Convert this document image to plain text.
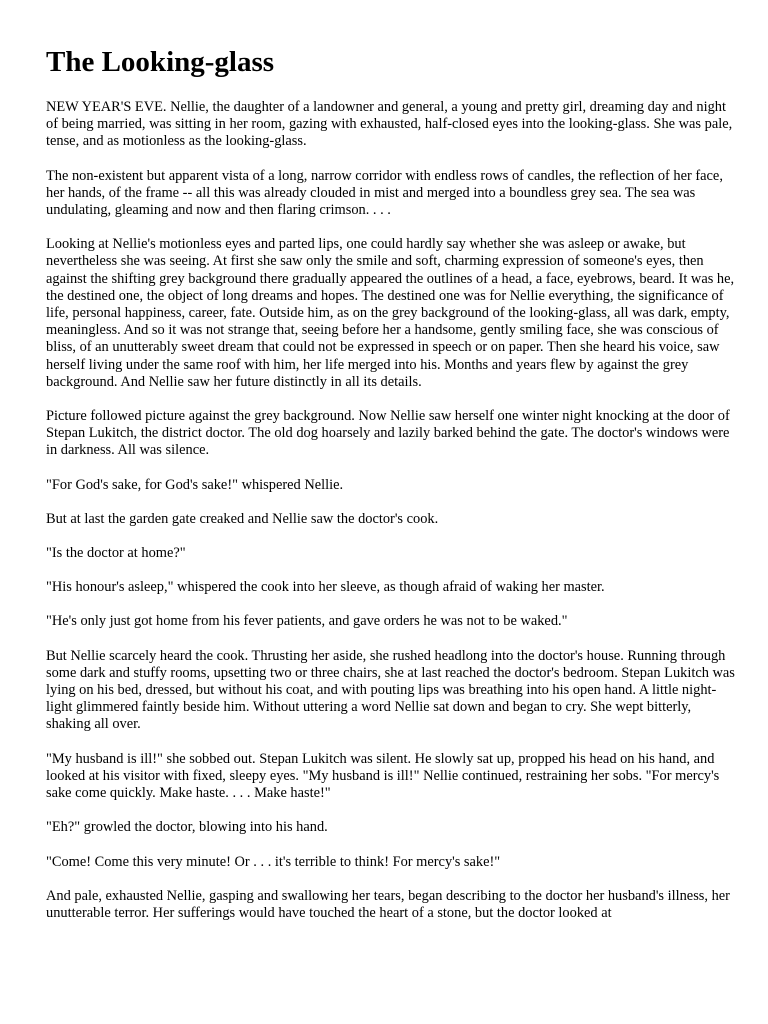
The Looking-glass

NEW YEAR'S EVE. Nellie, the daughter of a landowner and general, a young and pretty girl, dreaming day and night of being married, was sitting in her room, gazing with exhausted, half-closed eyes into the looking-glass. She was pale, tense, and as motionless as the looking-glass.

The non-existent but apparent vista of a long, narrow corridor with endless rows of candles, the reflection of her face, her hands, of the frame -- all this was already clouded in mist and merged into a boundless grey sea. The sea was undulating, gleaming and now and then flaring crimson. . . .

Looking at Nellie's motionless eyes and parted lips, one could hardly say whether she was asleep or awake, but nevertheless she was seeing. At first she saw only the smile and soft, charming expression of someone's eyes, then against the shifting grey background there gradually appeared the outlines of a head, a face, eyebrows, beard. It was he, the destined one, the object of long dreams and hopes. The destined one was for Nellie everything, the significance of life, personal happiness, career, fate. Outside him, as on the grey background of the looking-glass, all was dark, empty, meaningless. And so it was not strange that, seeing before her a handsome, gently smiling face, she was conscious of bliss, of an unutterably sweet dream that could not be expressed in speech or on paper. Then she heard his voice, saw herself living under the same roof with him, her life merged into his. Months and years flew by against the grey background. And Nellie saw her future distinctly in all its details.

Picture followed picture against the grey background. Now Nellie saw herself one winter night knocking at the door of Stepan Lukitch, the district doctor. The old dog hoarsely and lazily barked behind the gate. The doctor's windows were in darkness. All was silence.

"For God's sake, for God's sake!" whispered Nellie.

But at last the garden gate creaked and Nellie saw the doctor's cook.

"Is the doctor at home?"

"His honour's asleep," whispered the cook into her sleeve, as though afraid of waking her master.

"He's only just got home from his fever patients, and gave orders he was not to be waked."

But Nellie scarcely heard the cook. Thrusting her aside, she rushed headlong into the doctor's house. Running through some dark and stuffy rooms, upsetting two or three chairs, she at last reached the doctor's bedroom. Stepan Lukitch was lying on his bed, dressed, but without his coat, and with pouting lips was breathing into his open hand. A little night-light glimmered faintly beside him. Without uttering a word Nellie sat down and began to cry. She wept bitterly, shaking all over.

"My husband is ill!" she sobbed out. Stepan Lukitch was silent. He slowly sat up, propped his head on his hand, and looked at his visitor with fixed, sleepy eyes. "My husband is ill!" Nellie continued, restraining her sobs. "For mercy's sake come quickly. Make haste. . . . Make haste!"

"Eh?" growled the doctor, blowing into his hand.

"Come! Come this very minute! Or . . . it's terrible to think! For mercy's sake!"

And pale, exhausted Nellie, gasping and swallowing her tears, began describing to the doctor her husband's illness, her unutterable terror. Her sufferings would have touched the heart of a stone, but the doctor looked at
